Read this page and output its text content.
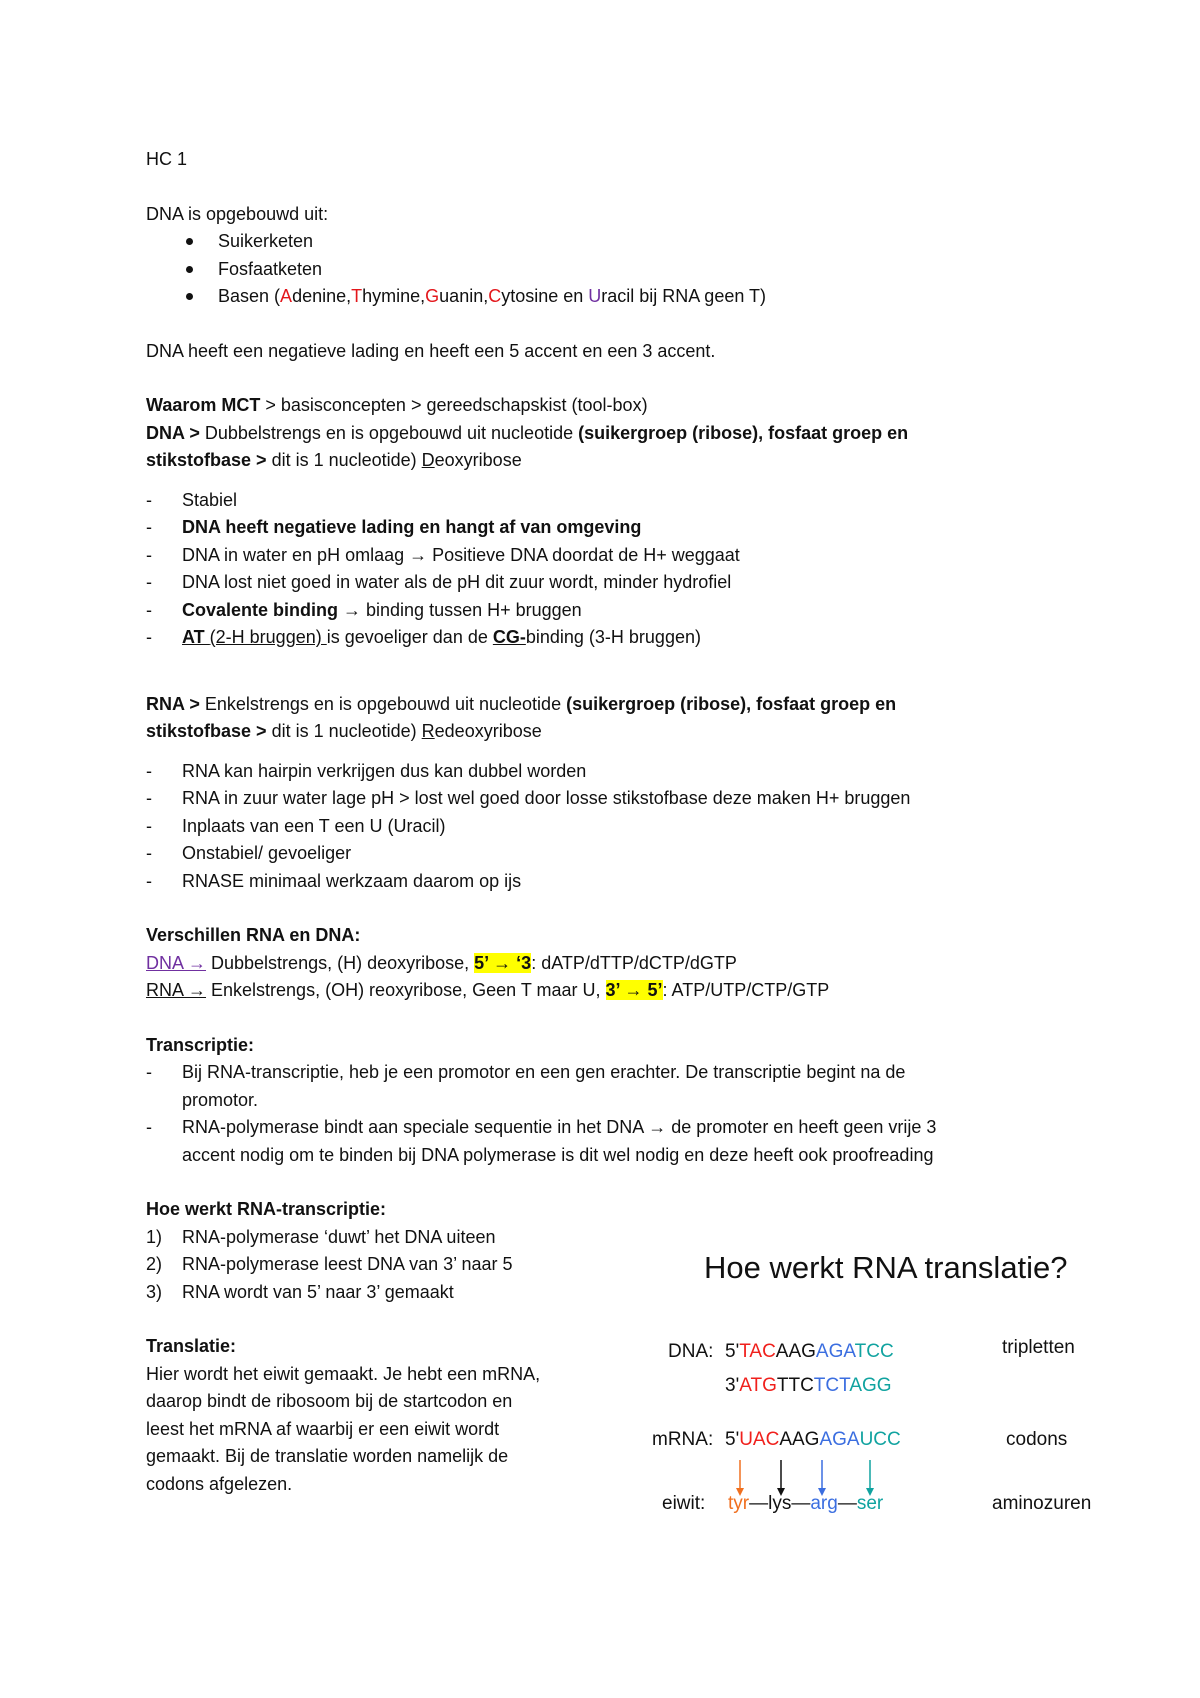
HC 1
DNA is opgebouwd uit:
Suikerketen
Fosfaatketen
Basen (Adenine,Thymine,Guanin,Cytosine en Uracil bij RNA geen T)
DNA heeft een negatieve lading en heeft een 5 accent en een 3 accent.
Waarom MCT > basisconcepten > gereedschapskist (tool-box)
DNA > Dubbelstrengs en is opgebouwd uit nucleotide (suikergroep (ribose), fosfaat groep en
stikstofbase > dit is 1 nucleotide) Deoxyribose
- Stabiel
- DNA heeft negatieve lading en hangt af van omgeving
- DNA in water en pH omlaag → Positieve DNA doordat de H+ weggaat
- DNA lost niet goed in water als de pH dit zuur wordt, minder hydrofiel
- Covalente binding → binding tussen H+ bruggen
- AT (2-H bruggen) is gevoeliger dan de CG-binding (3-H bruggen)
RNA > Enkelstrengs en is opgebouwd uit nucleotide (suikergroep (ribose), fosfaat groep en
stikstofbase > dit is 1 nucleotide) Redeoxyribose
- RNA kan hairpin verkrijgen dus kan dubbel worden
- RNA in zuur water lage pH > lost wel goed door losse stikstofbase deze maken H+ bruggen
- Inplaats van een T een U (Uracil)
- Onstabiel/ gevoeliger
- RNASE minimaal werkzaam daarom op ijs
Verschillen RNA en DNA:
DNA → Dubbelstrengs, (H) deoxyribose, 5’ → ‘3: dATP/dTTP/dCTP/dGTP
RNA → Enkelstrengs, (OH) reoxyribose, Geen T maar U, 3’ → 5’: ATP/UTP/CTP/GTP
Transcriptie:
- Bij RNA-transcriptie, heb je een promotor en een gen erachter. De transcriptie begint na de
promotor.
- RNA-polymerase bindt aan speciale sequentie in het DNA → de promoter en heeft geen vrije 3
accent nodig om te binden bij DNA polymerase is dit wel nodig en deze heeft ook proofreading
Hoe werkt RNA-transcriptie:
1) RNA-polymerase ‘duwt’ het DNA uiteen
2) RNA-polymerase leest DNA van 3’ naar 5
3) RNA wordt van 5’ naar 3’ gemaakt
Translatie:
Hier wordt het eiwit gemaakt. Je hebt een mRNA,
daarop bindt de ribosoom bij de startcodon en
leest het mRNA af waarbij er een eiwit wordt
gemaakt. Bij de translatie worden namelijk de
codons afgelezen.
Hoe werkt RNA translatie?
DNA: 5'TACAAGAGATCC	tripletten
3'ATGTTCTCTAGG
mRNA: 5'UACAAGAGAUCC	codons
eiwit: tyr—lys—arg—ser	aminozuren
